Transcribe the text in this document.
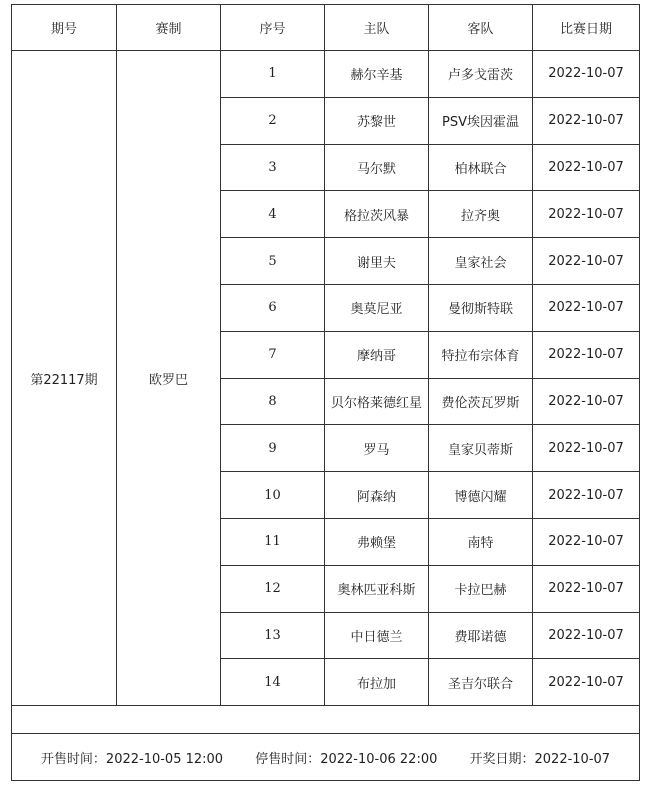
期号	赛制	序号	主队	客队	比赛日期
第22117期	欧罗巴	1	赫尔辛基	卢多戈雷茨	2022-10-07
		2	苏黎世	PSV埃因霍温	2022-10-07
		3	马尔默	柏林联合	2022-10-07
		4	格拉茨风暴	拉齐奥	2022-10-07
		5	谢里夫	皇家社会	2022-10-07
		6	奥莫尼亚	曼彻斯特联	2022-10-07
		7	摩纳哥	特拉布宗体育	2022-10-07
		8	贝尔格莱德红星	费伦茨瓦罗斯	2022-10-07
		9	罗马	皇家贝蒂斯	2022-10-07
		10	阿森纳	博德闪耀	2022-10-07
		11	弗赖堡	南特	2022-10-07
		12	奥林匹亚科斯	卡拉巴赫	2022-10-07
		13	中日德兰	费耶诺德	2022-10-07
		14	布拉加	圣吉尔联合	2022-10-07

开售时间：2022-10-05 12:00 停售时间：2022-10-06 22:00 开奖日期：2022-10-07					
